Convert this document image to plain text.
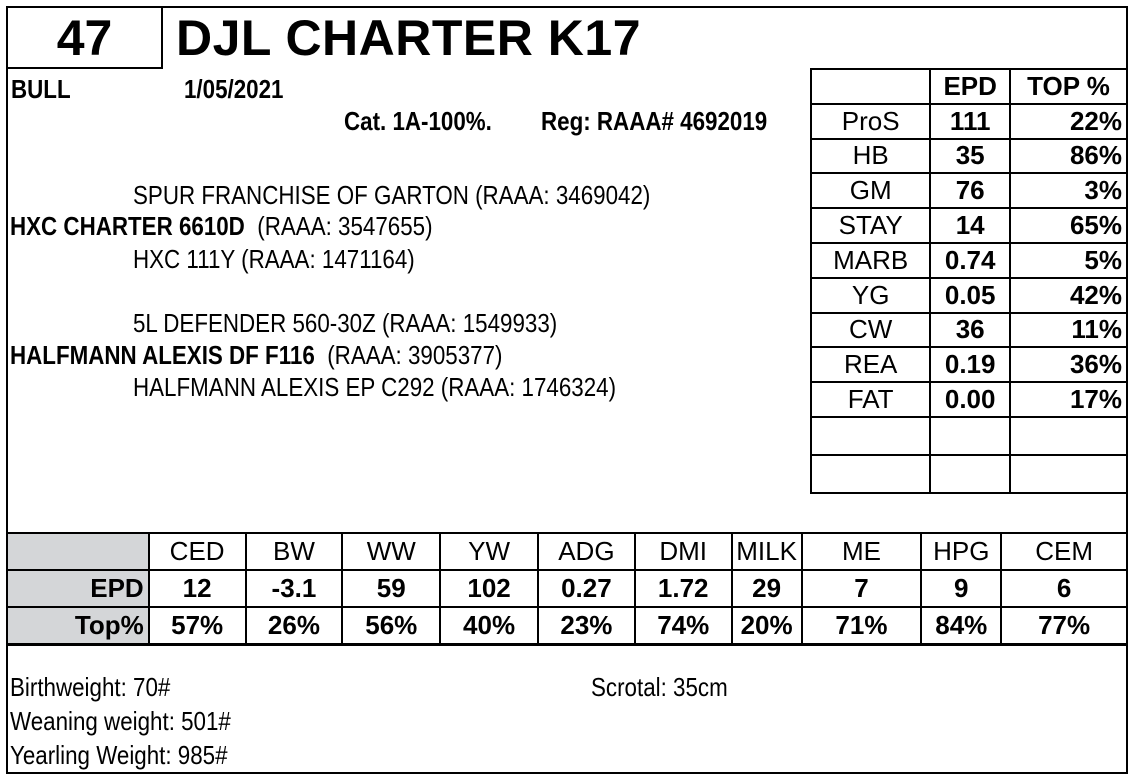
47	DJL CHARTER K17
BULL	1/05/2021
Cat. 1A-100%. Reg: RAAA# 4692019
SPUR FRANCHISE OF GARTON (RAAA: 3469042)
HXC CHARTER 6610D (RAAA: 3547655)
HXC 111Y (RAAA: 1471164)
5L DEFENDER 560-30Z (RAAA: 1549933)
HALFMANN ALEXIS DF F116 (RAAA: 3905377)
HALFMANN ALEXIS EP C292 (RAAA: 1746324)
	EPD	TOP %
ProS	111	22%
HB	35	86%
GM	76	3%
STAY	14	65%
MARB	0.74	5%
YG	0.05	42%
CW	36	11%
REA	0.19	36%
FAT	0.00	17%

	CED	BW	WW	YW	ADG	DMI	MILK	ME	HPG	CEM
EPD	12	-3.1	59	102	0.27	1.72	29	7	9	6
Top%	57%	26%	56%	40%	23%	74%	20%	71%	84%	77%
Birthweight: 70#
Weaning weight: 501#
Yearling Weight: 985#
Scrotal: 35cm
